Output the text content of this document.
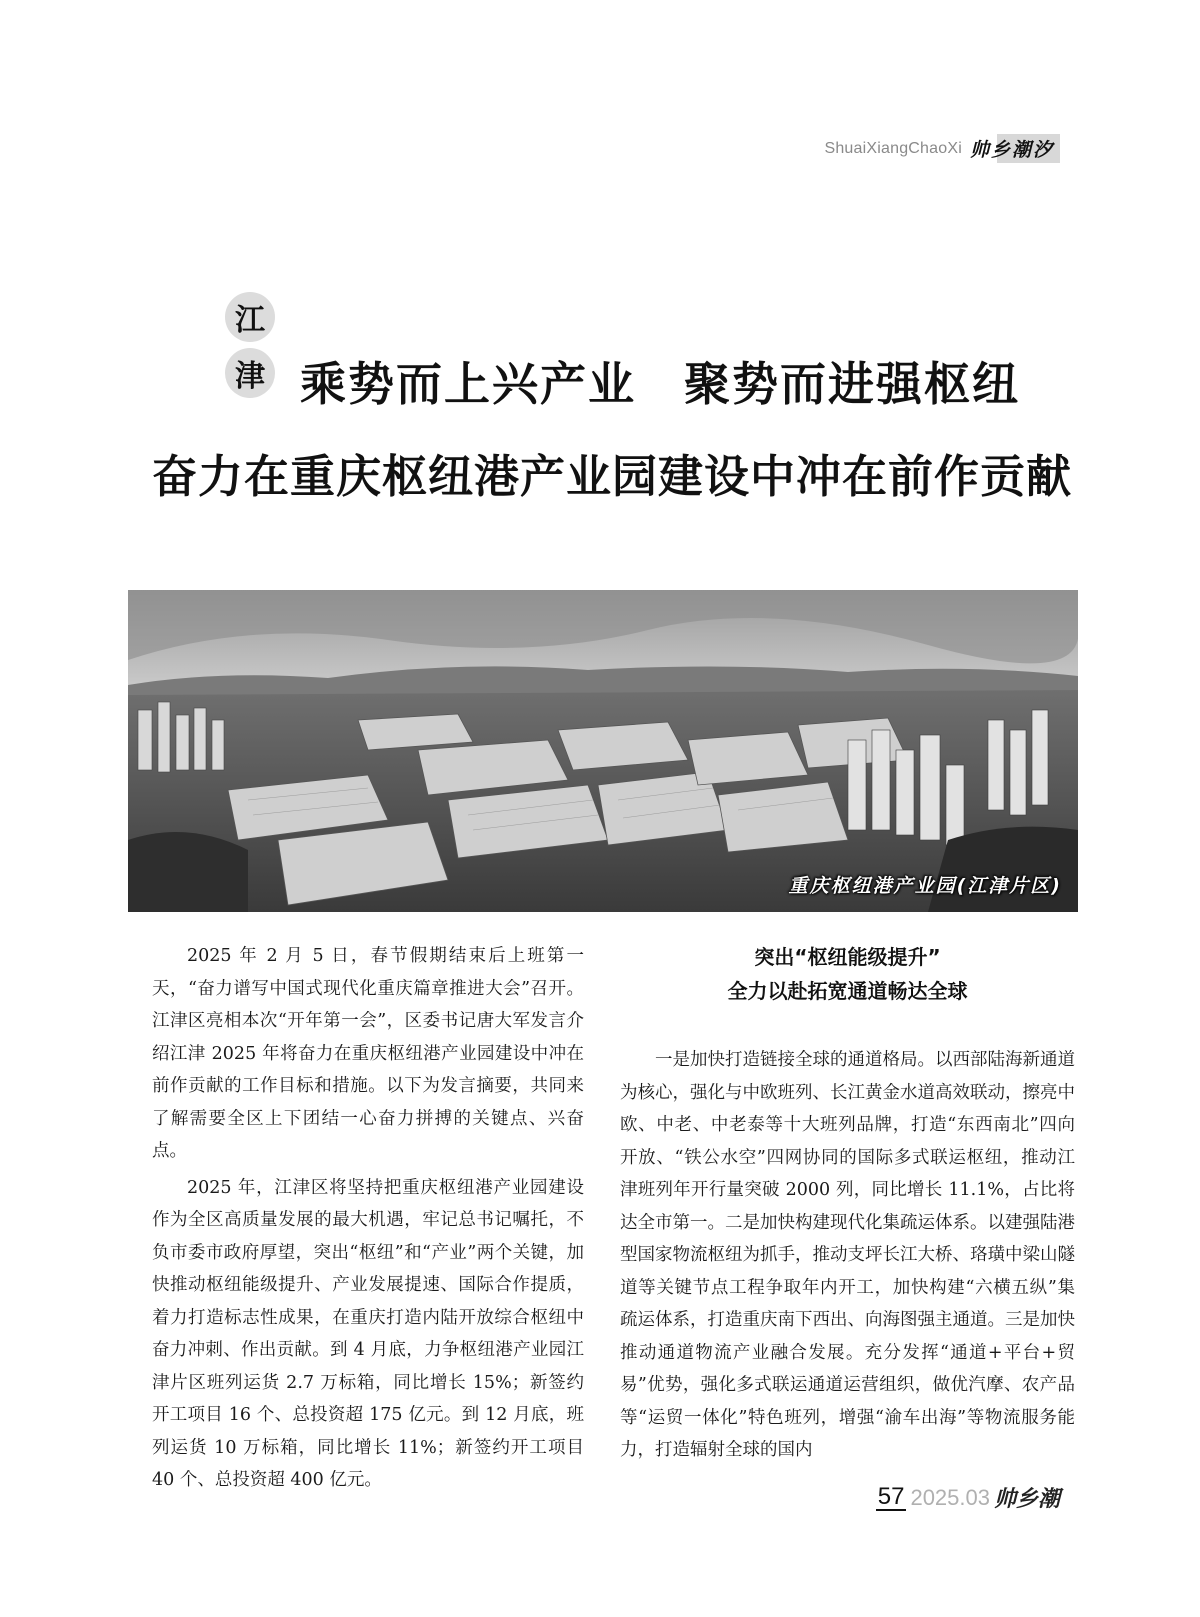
ShuaiXiangChaoXi 帅乡潮汐
江
津 乘势而上兴产业　聚势而进强枢纽
奋力在重庆枢纽港产业园建设中冲在前作贡献
重庆枢纽港产业园(江津片区)

2025 年 2 月 5 日，春节假期结束后上班第一天，“奋力谱写中国式现代化重庆篇章推进大会”召开。江津区亮相本次“开年第一会”，区委书记唐大军发言介绍江津 2025 年将奋力在重庆枢纽港产业园建设中冲在前作贡献的工作目标和措施。以下为发言摘要，共同来了解需要全区上下团结一心奋力拼搏的关键点、兴奋点。

2025 年，江津区将坚持把重庆枢纽港产业园建设作为全区高质量发展的最大机遇，牢记总书记嘱托，不负市委市政府厚望，突出“枢纽”和“产业”两个关键，加快推动枢纽能级提升、产业发展提速、国际合作提质，着力打造标志性成果，在重庆打造内陆开放综合枢纽中奋力冲刺、作出贡献。到 4 月底，力争枢纽港产业园江津片区班列运货 2.7 万标箱，同比增长 15%；新签约开工项目 16 个、总投资超 175 亿元。到 12 月底，班列运货 10 万标箱，同比增长 11%；新签约开工项目 40 个、总投资超 400 亿元。

突出“枢纽能级提升”
全力以赴拓宽通道畅达全球

一是加快打造链接全球的通道格局。以西部陆海新通道为核心，强化与中欧班列、长江黄金水道高效联动，擦亮中欧、中老、中老泰等十大班列品牌，打造“东西南北”四向开放、“铁公水空”四网协同的国际多式联运枢纽，推动江津班列年开行量突破 2000 列，同比增长 11.1%，占比将达全市第一。二是加快构建现代化集疏运体系。以建强陆港型国家物流枢纽为抓手，推动支坪长江大桥、珞璜中梁山隧道等关键节点工程争取年内开工，加快构建“六横五纵”集疏运体系，打造重庆南下西出、向海图强主通道。三是加快推动通道物流产业融合发展。充分发挥“通道+平台+贸易”优势，强化多式联运通道运营组织，做优汽摩、农产品等“运贸一体化”特色班列，增强“渝车出海”等物流服务能力，打造辐射全球的国内

57 2025.03 帅乡潮
